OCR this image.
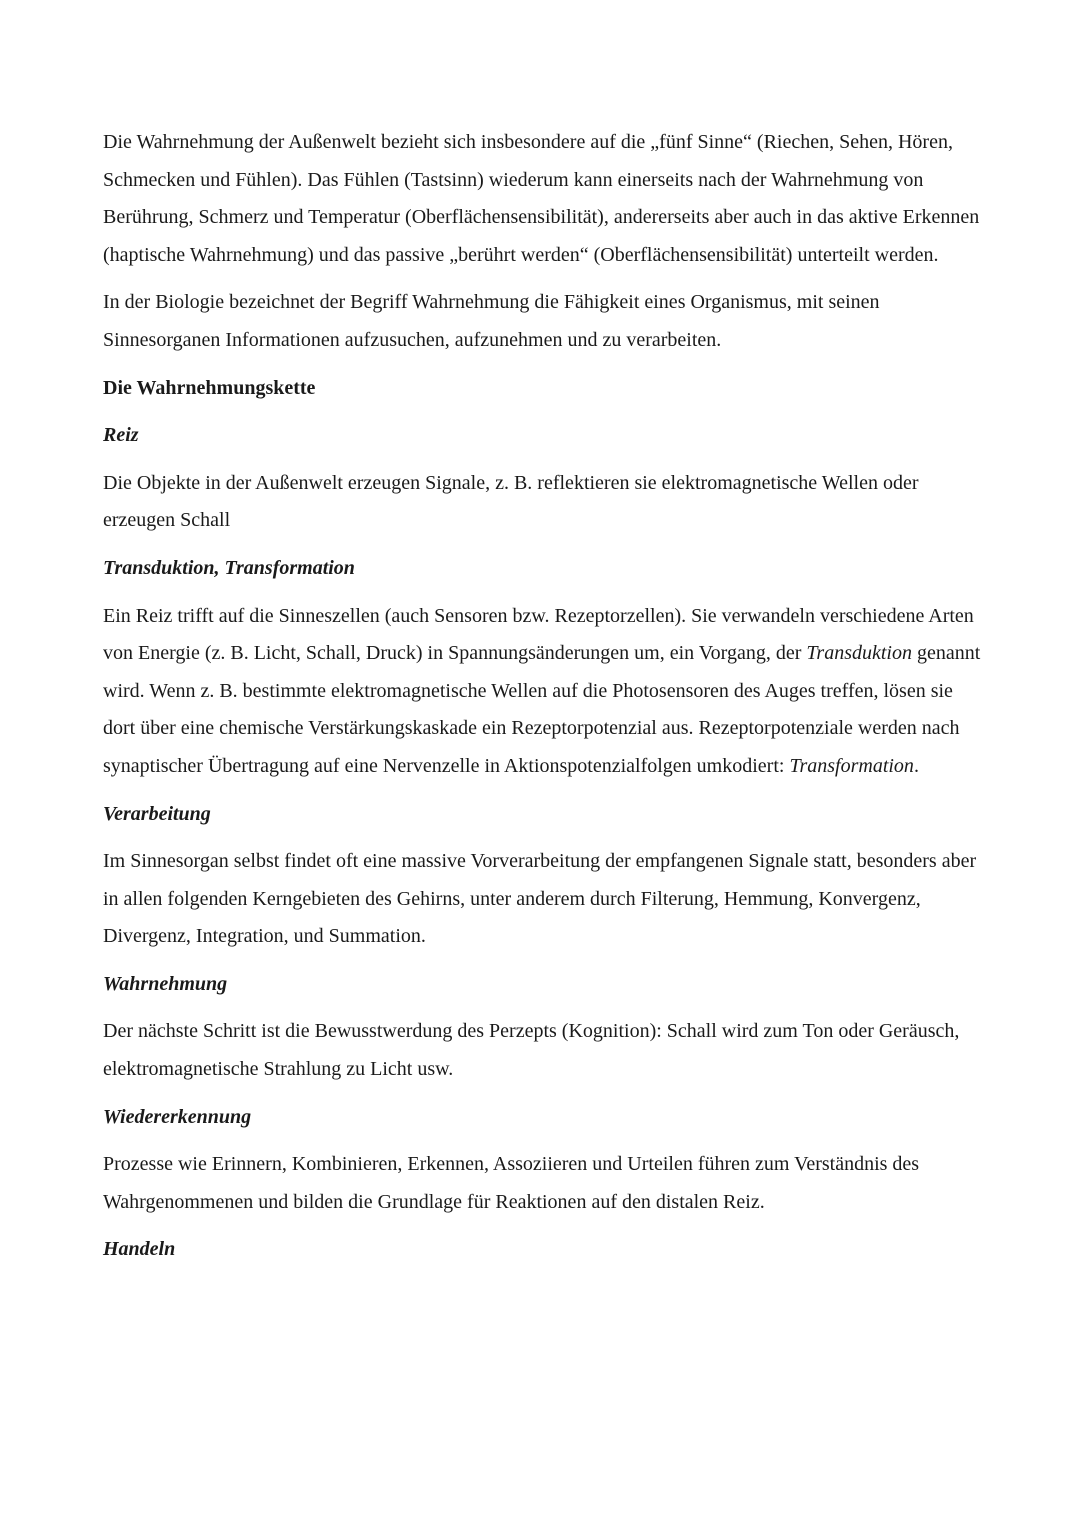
Die Wahrnehmung der Außenwelt bezieht sich insbesondere auf die „fünf Sinne“ (Riechen, Sehen, Hören, Schmecken und Fühlen). Das Fühlen (Tastsinn) wiederum kann einerseits nach der Wahrnehmung von Berührung, Schmerz und Temperatur (Oberflächensensibilität), andererseits aber auch in das aktive Erkennen (haptische Wahrnehmung) und das passive „berührt werden“ (Oberflächensensibilität) unterteilt werden.

In der Biologie bezeichnet der Begriff Wahrnehmung die Fähigkeit eines Organismus, mit seinen Sinnesorganen Informationen aufzusuchen, aufzunehmen und zu verarbeiten.

Die Wahrnehmungskette
Reiz

Die Objekte in der Außenwelt erzeugen Signale, z. B. reflektieren sie elektromagnetische Wellen oder erzeugen Schall

Transduktion, Transformation

Ein Reiz trifft auf die Sinneszellen (auch Sensoren bzw. Rezeptorzellen). Sie verwandeln verschiedene Arten von Energie (z. B. Licht, Schall, Druck) in Spannungsänderungen um, ein Vorgang, der Transduktion genannt wird. Wenn z. B. bestimmte elektromagnetische Wellen auf die Photosensoren des Auges treffen, lösen sie dort über eine chemische Verstärkungskaskade ein Rezeptorpotenzial aus. Rezeptorpotenziale werden nach synaptischer Übertragung auf eine Nervenzelle in Aktionspotenzialfolgen umkodiert: Transformation.

Verarbeitung

Im Sinnesorgan selbst findet oft eine massive Vorverarbeitung der empfangenen Signale statt, besonders aber in allen folgenden Kerngebieten des Gehirns, unter anderem durch Filterung, Hemmung, Konvergenz, Divergenz, Integration, und Summation.

Wahrnehmung

Der nächste Schritt ist die Bewusstwerdung des Perzepts (Kognition): Schall wird zum Ton oder Geräusch, elektromagnetische Strahlung zu Licht usw.

Wiedererkennung

Prozesse wie Erinnern, Kombinieren, Erkennen, Assoziieren und Urteilen führen zum Verständnis des Wahrgenommenen und bilden die Grundlage für Reaktionen auf den distalen Reiz.

Handeln
